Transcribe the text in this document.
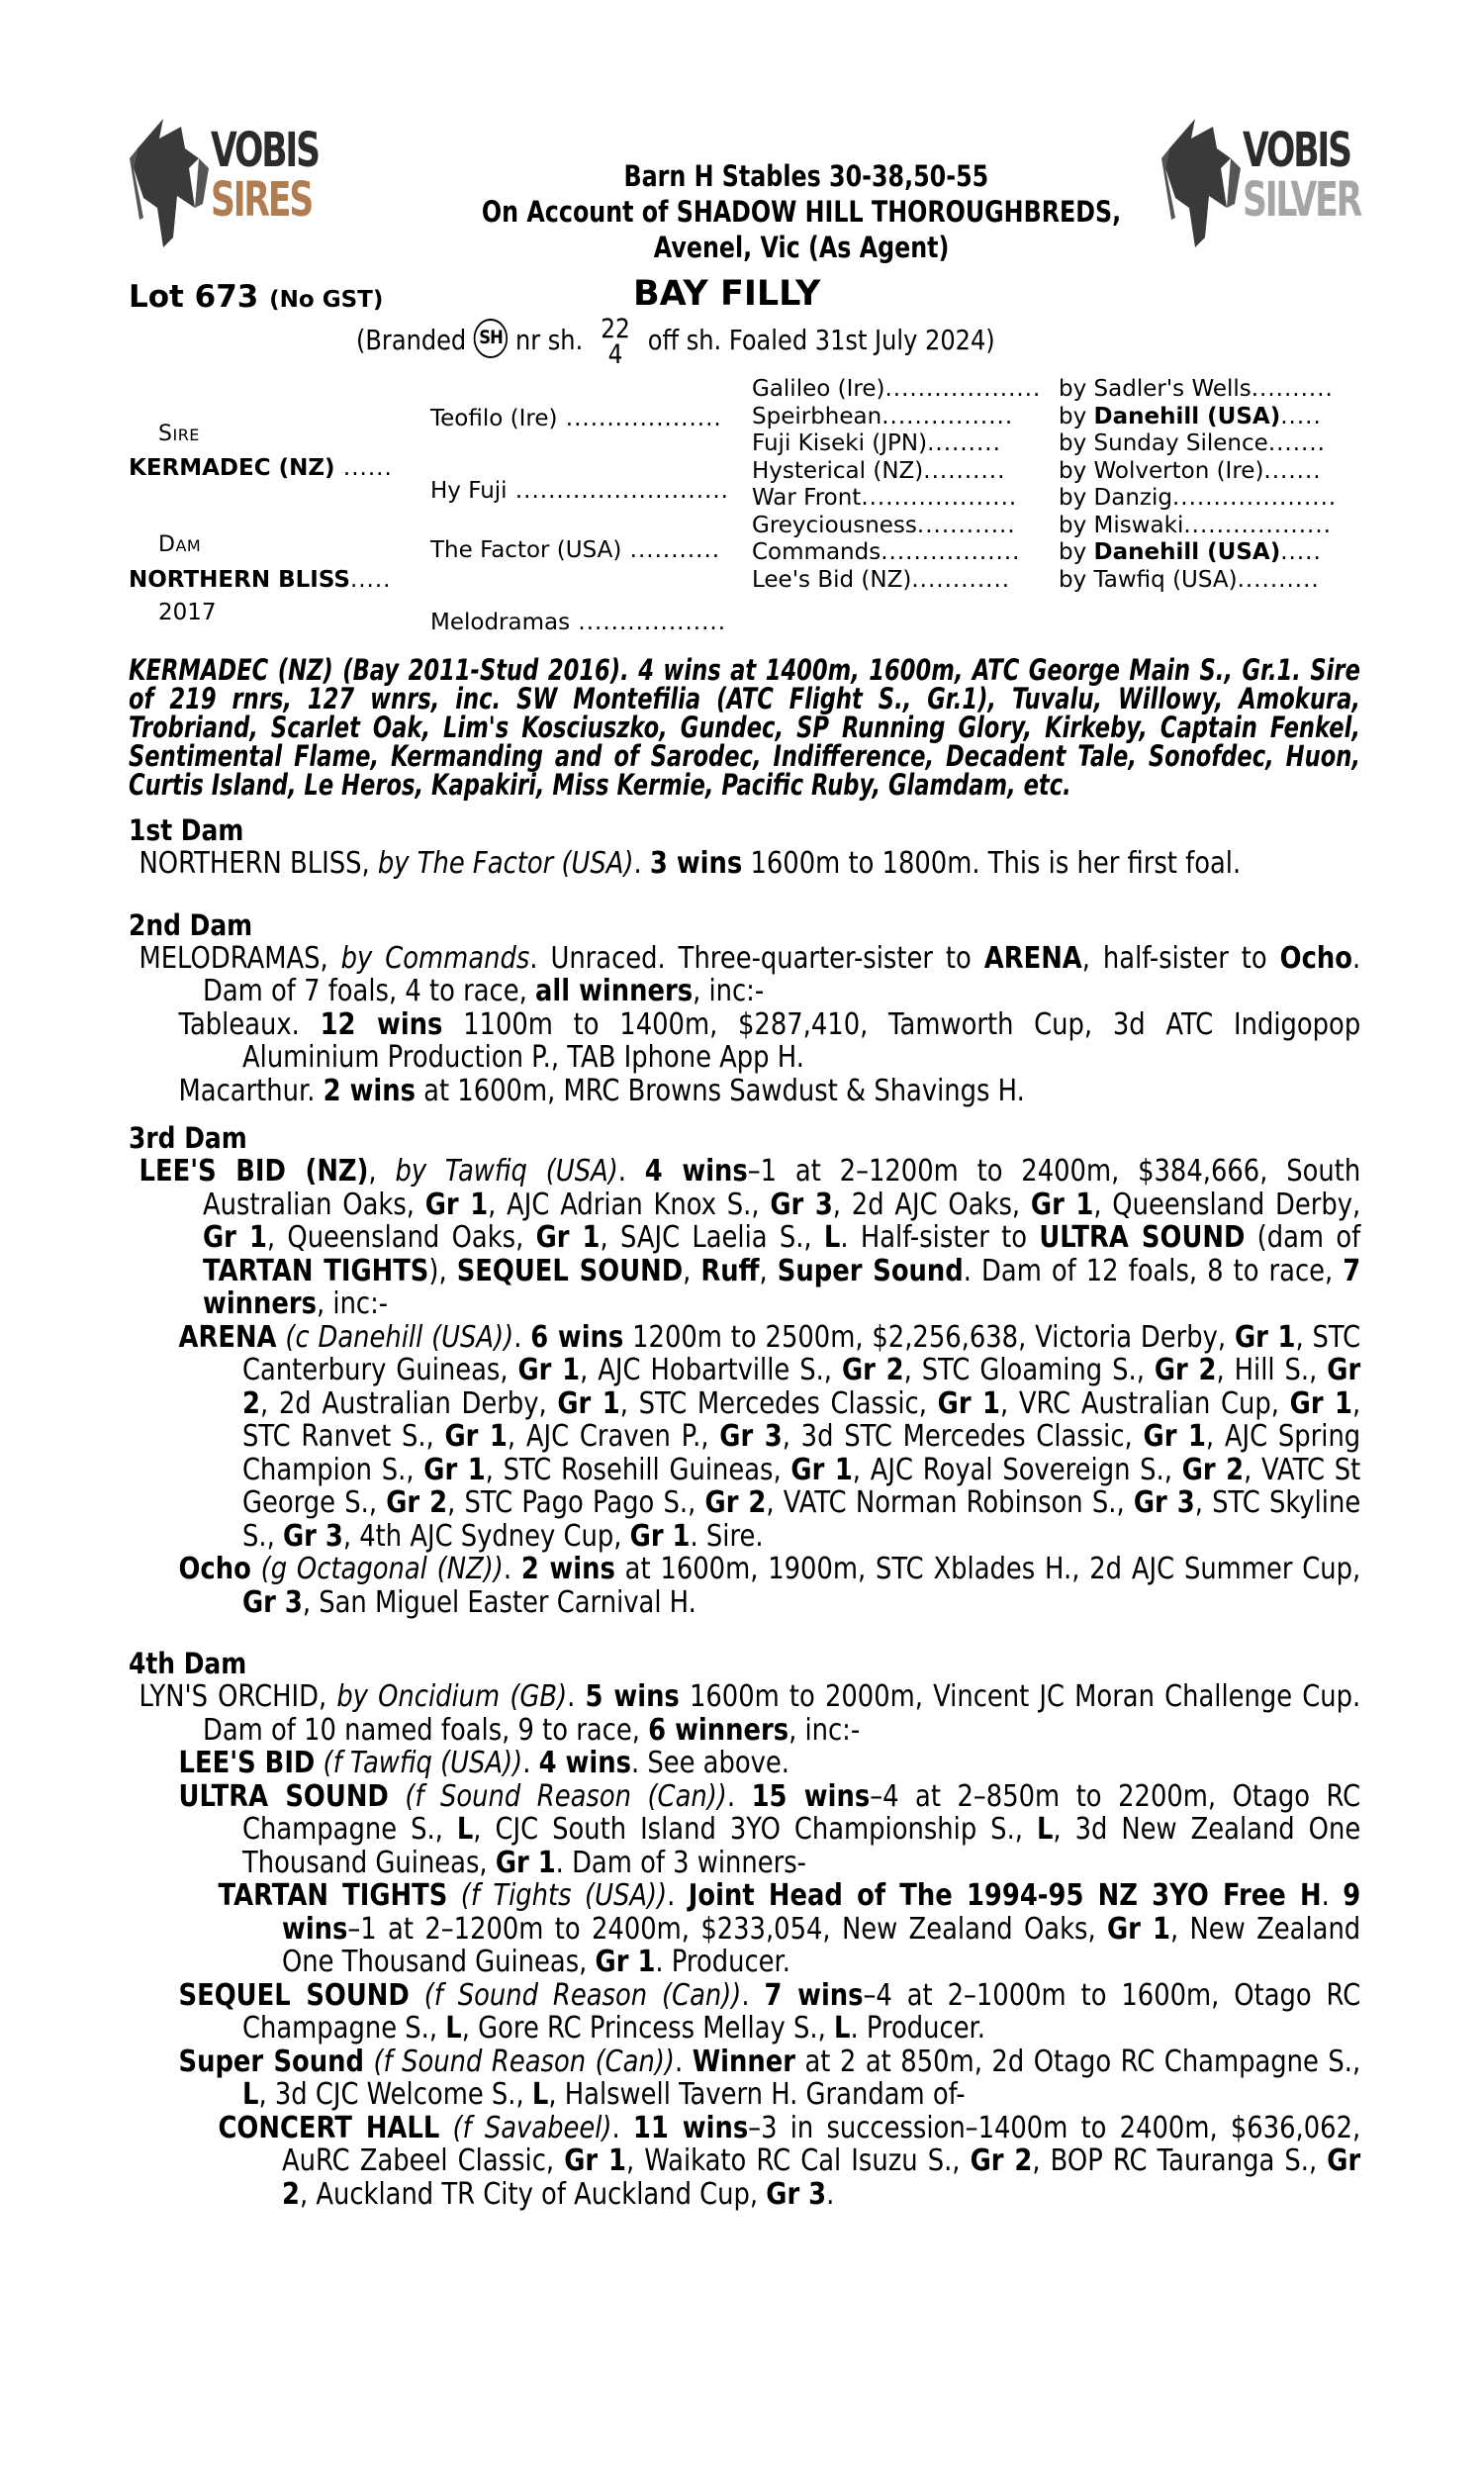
VOBIS
SIRES
VOBIS
SILVER
Barn H Stables 30-38,50-55
On Account of SHADOW HILL THOROUGHBREDS,
Avenel, Vic (As Agent)
Lot 673 (No GST)	BAY FILLY
(Branded SH nr sh. 22
4 off sh. Foaled 31st July 2024)
SIRE
KERMADEC (NZ) ......
DAM
NORTHERN BLISS.....
2017
Teofilo (Ire) ...................
Hy Fuji ..........................
The Factor (USA) ...........
Melodramas ..................
Galileo (Ire)................... by Sadler's Wells..........
Speirbhean................ by Danehill (USA).....
Fuji Kiseki (JPN).........	by Sunday Silence.......
Hysterical (NZ).......... by Wolverton (Ire).......
War Front................... by Danzig....................
Greyciousness............ by Miswaki..................
Commands................. by Danehill (USA).....
Lee's Bid (NZ)............ by Tawfiq (USA)..........

KERMADEC (NZ) (Bay 2011-Stud 2016). 4 wins at 1400m, 1600m, ATC George Main S., Gr.1. Sire of 219 rnrs, 127 wnrs, inc. SW Montefilia (ATC Flight S., Gr.1), Tuvalu, Willowy, Amokura, Trobriand, Scarlet Oak, Lim's Kosciuszko, Gundec, SP Running Glory, Kirkeby, Captain Fenkel, Sentimental Flame, Kermanding and of Sarodec, Indifference, Decadent Tale, Sonofdec, Huon, Curtis Island, Le Heros, Kapakiri, Miss Kermie, Pacific Ruby, Glamdam, etc.

1st Dam

NORTHERN BLISS, by The Factor (USA). 3 wins 1600m to 1800m. This is her first foal.

2nd Dam

MELODRAMAS, by Commands. Unraced. Three-quarter-sister to ARENA, half-sister to Ocho. Dam of 7 foals, 4 to race, all winners, inc:-

Tableaux. 12 wins 1100m to 1400m, $287,410, Tamworth Cup, 3d ATC Indigopop Aluminium Production P., TAB Iphone App H.

Macarthur. 2 wins at 1600m, MRC Browns Sawdust & Shavings H.

3rd Dam

LEE'S BID (NZ), by Tawfiq (USA). 4 wins–1 at 2–1200m to 2400m, $384,666, South Australian Oaks, Gr 1, AJC Adrian Knox S., Gr 3, 2d AJC Oaks, Gr 1, Queensland Derby, Gr 1, Queensland Oaks, Gr 1, SAJC Laelia S., L. Half-sister to ULTRA SOUND (dam of TARTAN TIGHTS), SEQUEL SOUND, Ruff, Super Sound. Dam of 12 foals, 8 to race, 7 winners, inc:-

ARENA (c Danehill (USA)). 6 wins 1200m to 2500m, $2,256,638, Victoria Derby, Gr 1, STC Canterbury Guineas, Gr 1, AJC Hobartville S., Gr 2, STC Gloaming S., Gr 2, Hill S., Gr 2, 2d Australian Derby, Gr 1, STC Mercedes Classic, Gr 1, VRC Australian Cup, Gr 1, STC Ranvet S., Gr 1, AJC Craven P., Gr 3, 3d STC Mercedes Classic, Gr 1, AJC Spring Champion S., Gr 1, STC Rosehill Guineas, Gr 1, AJC Royal Sovereign S., Gr 2, VATC St George S., Gr 2, STC Pago Pago S., Gr 2, VATC Norman Robinson S., Gr 3, STC Skyline S., Gr 3, 4th AJC Sydney Cup, Gr 1. Sire.

Ocho (g Octagonal (NZ)). 2 wins at 1600m, 1900m, STC Xblades H., 2d AJC Summer Cup, Gr 3, San Miguel Easter Carnival H.

4th Dam

LYN'S ORCHID, by Oncidium (GB). 5 wins 1600m to 2000m, Vincent JC Moran Challenge Cup. Dam of 10 named foals, 9 to race, 6 winners, inc:-

LEE'S BID (f Tawfiq (USA)). 4 wins. See above.

ULTRA SOUND (f Sound Reason (Can)). 15 wins–4 at 2–850m to 2200m, Otago RC Champagne S., L, CJC South Island 3YO Championship S., L, 3d New Zealand One Thousand Guineas, Gr 1. Dam of 3 winners-

TARTAN TIGHTS (f Tights (USA)). Joint Head of The 1994-95 NZ 3YO Free H. 9 wins–1 at 2–1200m to 2400m, $233,054, New Zealand Oaks, Gr 1, New Zealand One Thousand Guineas, Gr 1. Producer.

SEQUEL SOUND (f Sound Reason (Can)). 7 wins–4 at 2–1000m to 1600m, Otago RC Champagne S., L, Gore RC Princess Mellay S., L. Producer.

Super Sound (f Sound Reason (Can)). Winner at 2 at 850m, 2d Otago RC Champagne S., L, 3d CJC Welcome S., L, Halswell Tavern H. Grandam of-

CONCERT HALL (f Savabeel). 11 wins–3 in succession–1400m to 2400m, $636,062, AuRC Zabeel Classic, Gr 1, Waikato RC Cal Isuzu S., Gr 2, BOP RC Tauranga S., Gr 2, Auckland TR City of Auckland Cup, Gr 3.
